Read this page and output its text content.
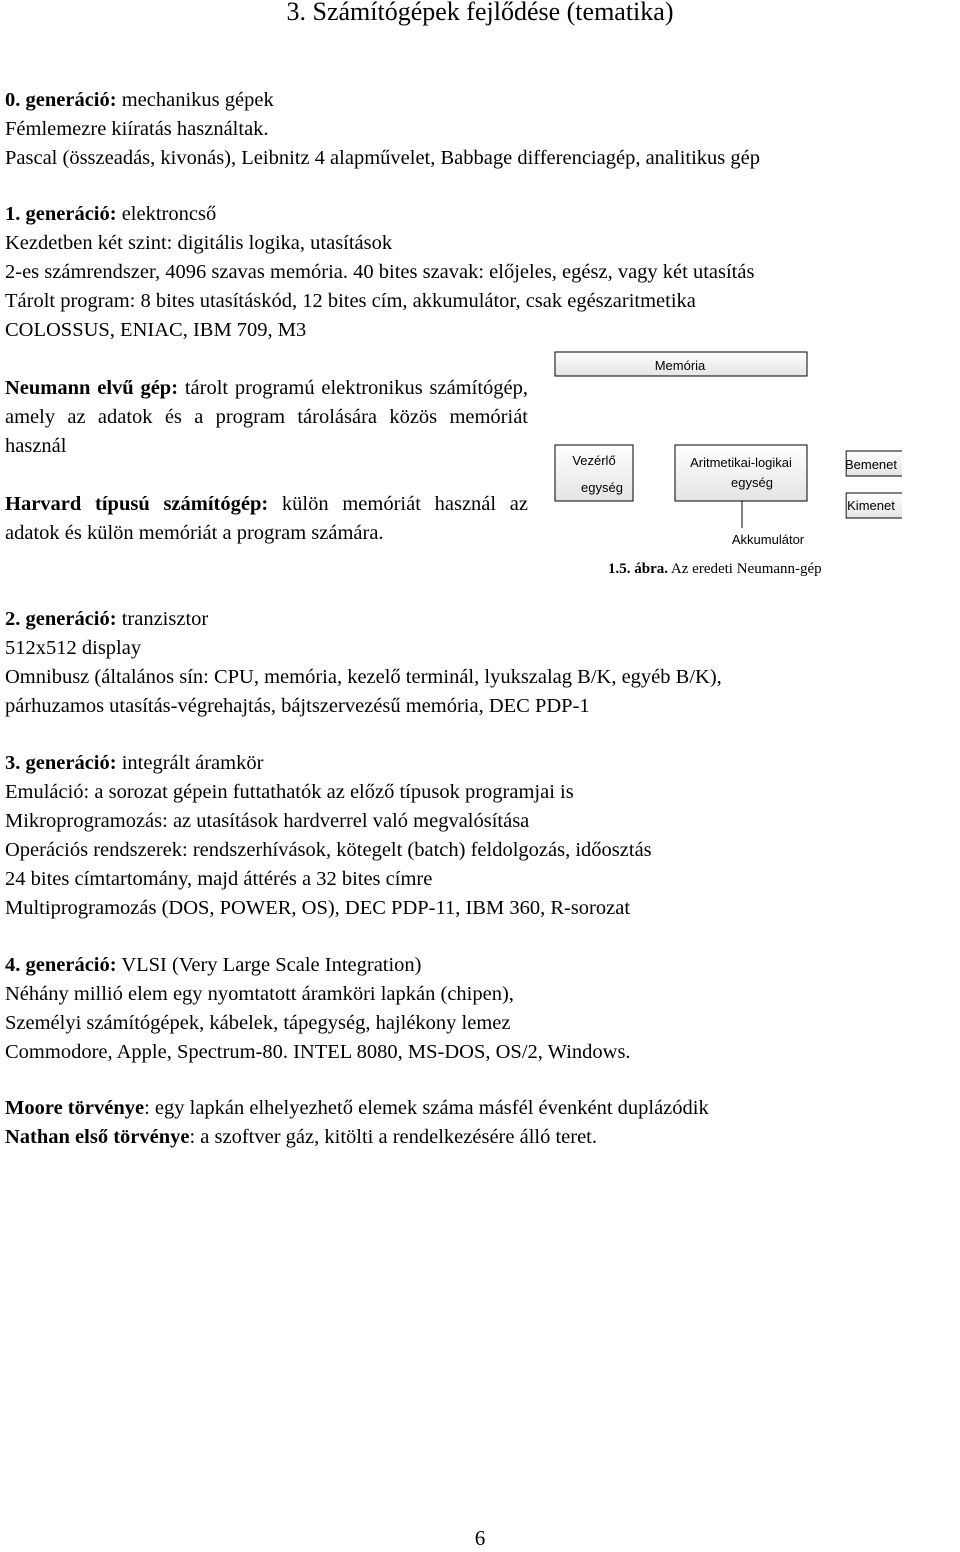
3. Számítógépek fejlődése (tematika)
0. generáció: mechanikus gépek
Fémlemezre kiíratás használtak.
Pascal (összeadás, kivonás), Leibnitz 4 alapművelet, Babbage differenciagép, analitikus gép
1. generáció: elektroncső
Kezdetben két szint: digitális logika, utasítások
2-es számrendszer, 4096 szavas memória. 40 bites szavak: előjeles, egész, vagy két utasítás
Tárolt program: 8 bites utasításkód, 12 bites cím, akkumulátor, csak egészaritmetika
COLOSSUS, ENIAC, IBM 709, M3

Neumann elvű gép: tárolt programú elektronikus számítógép, amely az adatok és a program tárolására közös memóriát használ

Harvard típusú számítógép: külön memóriát használ az adatok és külön memóriát a program számára.

Memória
Vezérlő
egység
Aritmetikai-logikai
egység
Bemenet
Kimenet
Akkumulátor
1.5. ábra. Az eredeti Neumann-gép
2. generáció: tranzisztor
512x512 display
Omnibusz (általános sín: CPU, memória, kezelő terminál, lyukszalag B/K, egyéb B/K),
párhuzamos utasítás-végrehajtás, bájtszervezésű memória, DEC PDP-1
3. generáció: integrált áramkör
Emuláció: a sorozat gépein futtathatók az előző típusok programjai is
Mikroprogramozás: az utasítások hardverrel való megvalósítása
Operációs rendszerek: rendszerhívások, kötegelt (batch) feldolgozás, időosztás
24 bites címtartomány, majd áttérés a 32 bites címre
Multiprogramozás (DOS, POWER, OS), DEC PDP-11, IBM 360, R-sorozat
4. generáció: VLSI (Very Large Scale Integration)
Néhány millió elem egy nyomtatott áramköri lapkán (chipen),
Személyi számítógépek, kábelek, tápegység, hajlékony lemez
Commodore, Apple, Spectrum-80. INTEL 8080, MS-DOS, OS/2, Windows.
Moore törvénye: egy lapkán elhelyezhető elemek száma másfél évenként duplázódik
Nathan első törvénye: a szoftver gáz, kitölti a rendelkezésére álló teret.
6
